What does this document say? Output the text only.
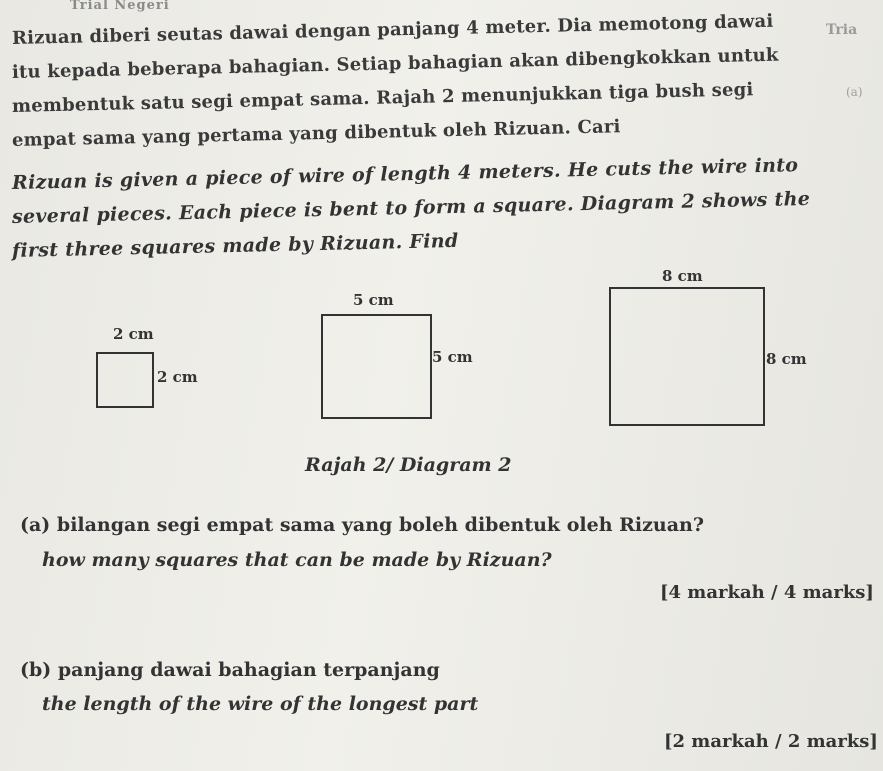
Trial Negeri
Tria
(a)
Rizuan diberi seutas dawai dengan panjang 4 meter. Dia memotong dawai
itu kepada beberapa bahagian. Setiap bahagian akan dibengkokkan untuk
membentuk satu segi empat sama. Rajah 2 menunjukkan tiga bush segi
empat sama yang pertama yang dibentuk oleh Rizuan. Cari
Rizuan is given a piece of wire of length 4 meters. He cuts the wire into
several pieces. Each piece is bent to form a square. Diagram 2 shows the
first three squares made by Rizuan. Find
2 cm
2 cm
5 cm
5 cm
8 cm
8 cm
Rajah 2/ Diagram 2
(a) bilangan segi empat sama yang boleh dibentuk oleh Rizuan?
how many squares that can be made by Rizuan?
[4 markah / 4 marks]
(b) panjang dawai bahagian terpanjang
the length of the wire of the longest part
[2 markah / 2 marks]
